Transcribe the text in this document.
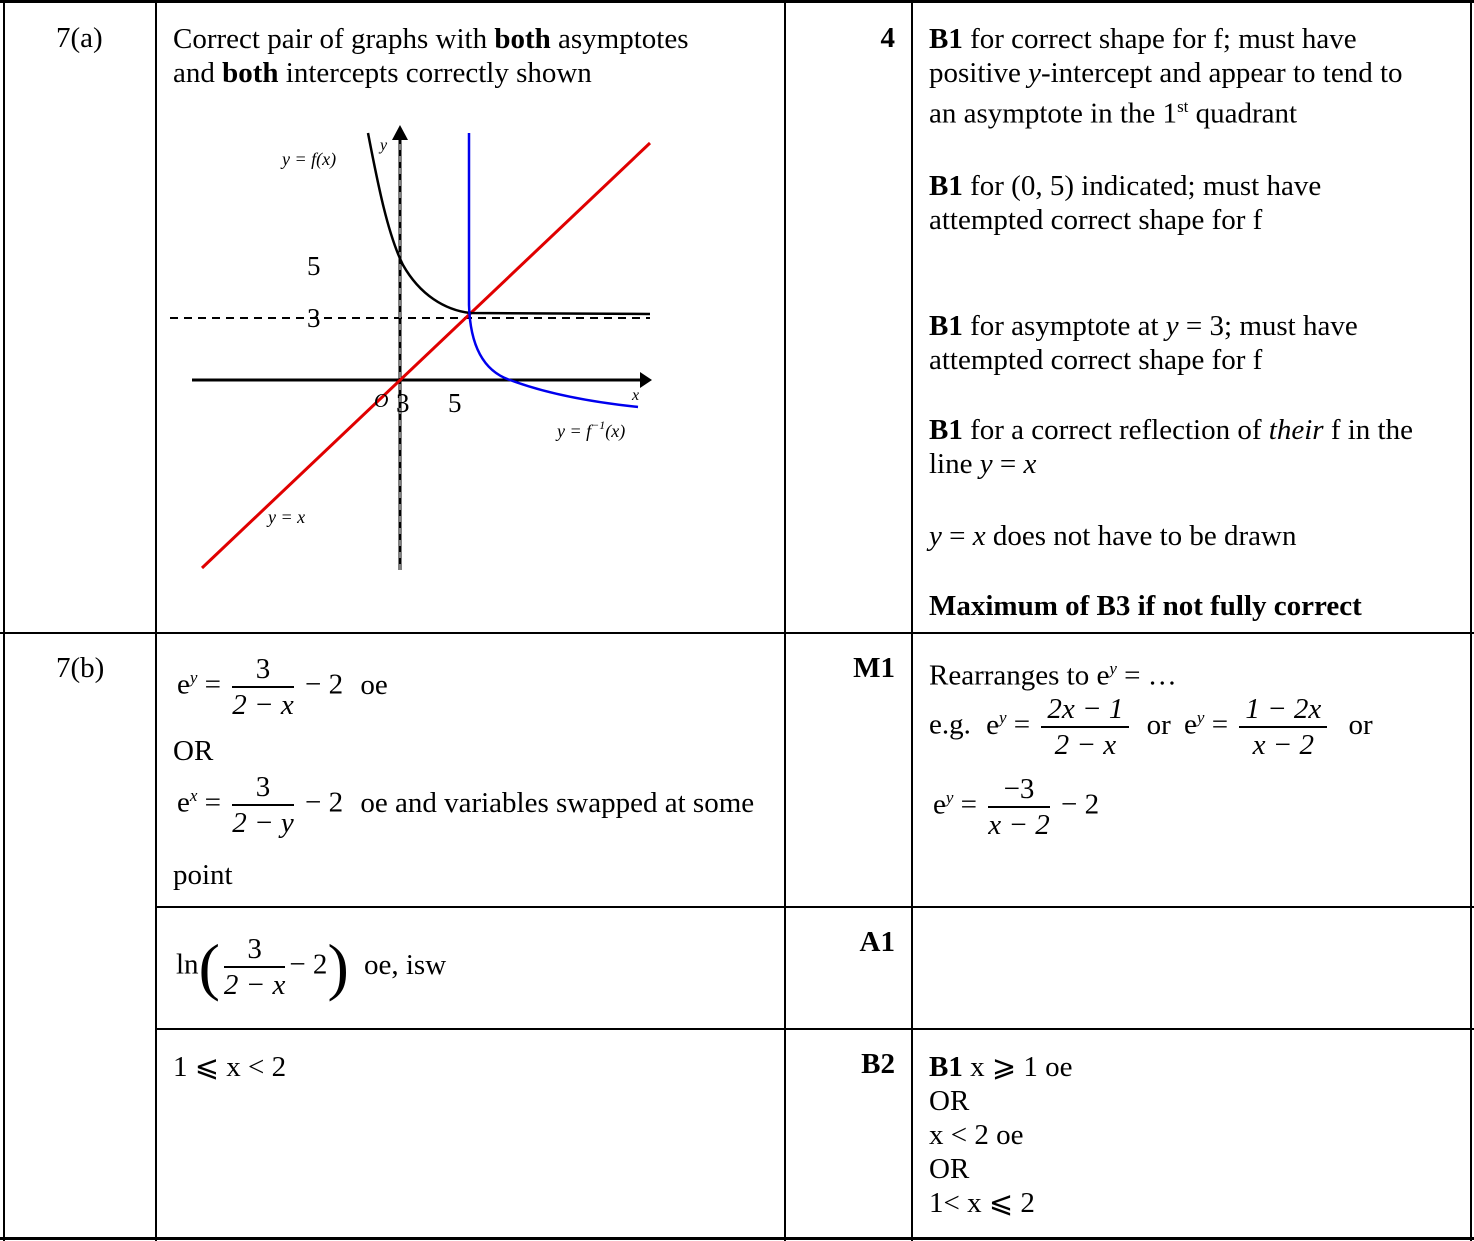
7(a) Correct pair of graphs with both asymptotes
and both intercepts correctly shown
y = f(x)
y
5
3
O 3 5	x
$y = f^{-1}(x)$
y = x
4 B1 for correct shape for f; must have
positive y-intercept and appear to tend to
an asymptote in the 1st quadrant
B1 for (0, 5) indicated; must have
attempted correct shape for f
B1 for asymptote at y = 3; must have
attempted correct shape for f
B1 for a correct reflection of their f in the
line y = x
y = x does not have to be drawn
Maximum of B3 if not fully correct
7(b)
$e^y = \frac{3}{2 - x} - 2$ oe
OR
$e^x = \frac{3}{2 - y} - 2$ oe and variables swapped at some
point
M1 Rearranges to $e^y$ = …
e.g. $e^y = \frac{2x - 1}{2 - x}$ or $e^y = \frac{1 - 2x}{x - 2}$ or
$e^y = \frac{-3}{x - 2} - 2$
$\ln( \frac{3}{2 - x} - 2)$ oe, isw
A1
1 ⩽ x < 2	B2 B1 x ⩾ 1 oe
OR
x < 2 oe
OR
1< x ⩽ 2
